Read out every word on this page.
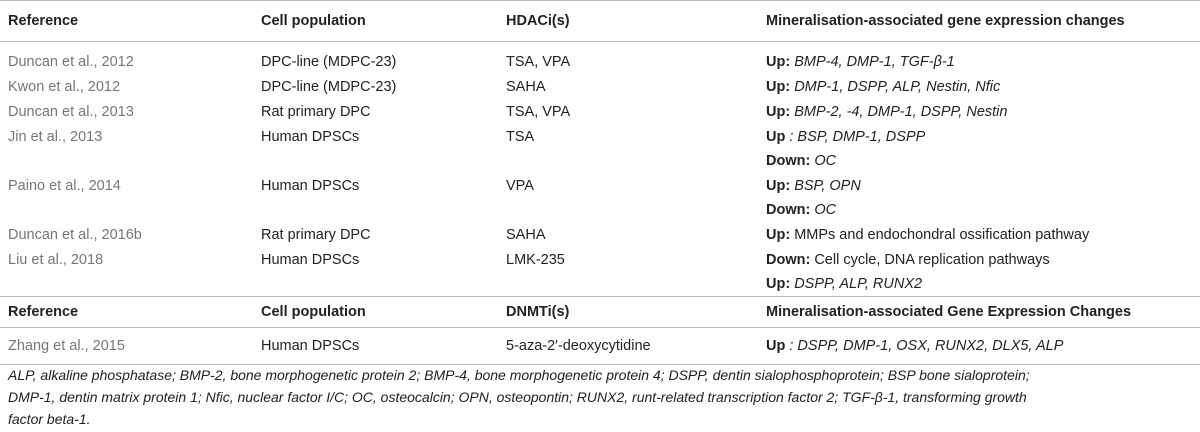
Reference	Cell population	HDACi(s)	Mineralisation-associated gene expression changes
Duncan et al., 2012	DPC-line (MDPC-23)	TSA, VPA	Up: BMP-4, DMP-1, TGF-β-1

Kwon et al., 2012	DPC-line (MDPC-23)	SAHA	Up: DMP-1, DSPP, ALP, Nestin, Nfic

Duncan et al., 2013	Rat primary DPC	TSA, VPA	Up: BMP-2, -4, DMP-1, DSPP, Nestin

Jin et al., 2013	Human DPSCs	TSA	Up : BSP, DMP-1, DSPP
Down: OC

Paino et al., 2014	Human DPSCs	VPA	Up: BSP, OPN
Down: OC

Duncan et al., 2016b	Rat primary DPC	SAHA	Up: MMPs and endochondral ossification pathway

Liu et al., 2018	Human DPSCs	LMK-235	Down: Cell cycle, DNA replication pathways
Up: DSPP, ALP, RUNX2

Reference	Cell population	DNMTi(s)	Mineralisation-associated Gene Expression Changes
Zhang et al., 2015	Human DPSCs	5-aza-2′-deoxycytidine	Up : DSPP, DMP-1, OSX, RUNX2, DLX5, ALP
ALP, alkaline phosphatase; BMP-2, bone morphogenetic protein 2; BMP-4, bone morphogenetic protein 4; DSPP, dentin sialophosphoprotein; BSP bone sialoprotein;
DMP-1, dentin matrix protein 1; Nfic, nuclear factor I/C; OC, osteocalcin; OPN, osteopontin; RUNX2, runt-related transcription factor 2; TGF-β-1, transforming growth
factor beta-1.
